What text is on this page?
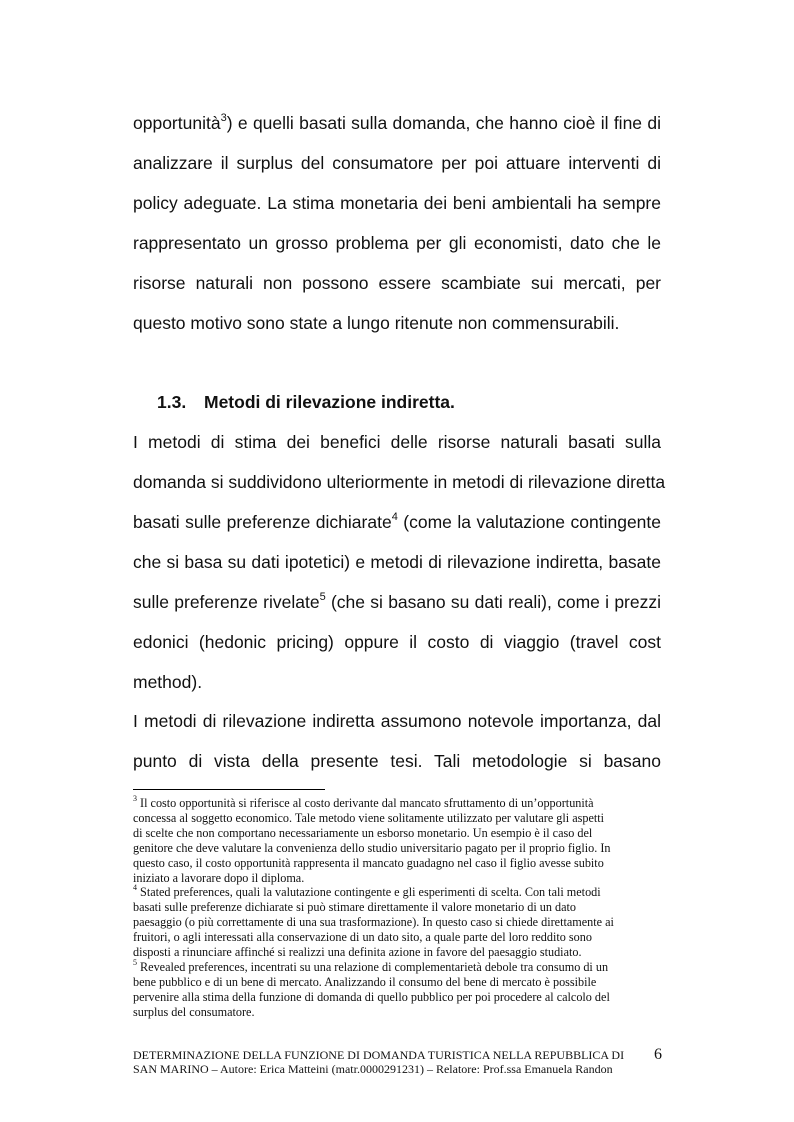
opportunità$^3$) e quelli basati sulla domanda, che hanno cioè il fine di
analizzare il surplus del consumatore per poi attuare interventi di
policy adeguate. La stima monetaria dei beni ambientali ha sempre
rappresentato un grosso problema per gli economisti, dato che le
risorse naturali non possono essere scambiate sui mercati, per
questo motivo sono state a lungo ritenute non commensurabili.
1.3. Metodi di rilevazione indiretta.
I metodi di stima dei benefici delle risorse naturali basati sulla
domanda si suddividono ulteriormente in metodi di rilevazione diretta
basati sulle preferenze dichiarate$^4$ (come la valutazione contingente
che si basa su dati ipotetici) e metodi di rilevazione indiretta, basate
sulle preferenze rivelate$^5$ (che si basano su dati reali), come i prezzi
edonici (hedonic pricing) oppure il costo di viaggio (travel cost
method).
I metodi di rilevazione indiretta assumono notevole importanza, dal
punto di vista della presente tesi. Tali metodologie si basano
$^3$ Il costo opportunità si riferisce al costo derivante dal mancato sfruttamento di un’opportunità
concessa al soggetto economico. Tale metodo viene solitamente utilizzato per valutare gli aspetti
di scelte che non comportano necessariamente un esborso monetario. Un esempio è il caso del
genitore che deve valutare la convenienza dello studio universitario pagato per il proprio figlio. In
questo caso, il costo opportunità rappresenta il mancato guadagno nel caso il figlio avesse subito
iniziato a lavorare dopo il diploma.
$^4$ Stated preferences, quali la valutazione contingente e gli esperimenti di scelta. Con tali metodi
basati sulle preferenze dichiarate si può stimare direttamente il valore monetario di un dato
paesaggio (o più correttamente di una sua trasformazione). In questo caso si chiede direttamente ai
fruitori, o agli interessati alla conservazione di un dato sito, a quale parte del loro reddito sono
disposti a rinunciare affinché si realizzi una definita azione in favore del paesaggio studiato.
$^5$ Revealed preferences, incentrati su una relazione di complementarietà debole tra consumo di un
bene pubblico e di un bene di mercato. Analizzando il consumo del bene di mercato è possibile
pervenire alla stima della funzione di domanda di quello pubblico per poi procedere al calcolo del
surplus del consumatore.
DETERMINAZIONE DELLA FUNZIONE DI DOMANDA TURISTICA NELLA REPUBBLICA DI
SAN MARINO – Autore: Erica Matteini (matr.0000291231) – Relatore: Prof.ssa Emanuela Randon
6
